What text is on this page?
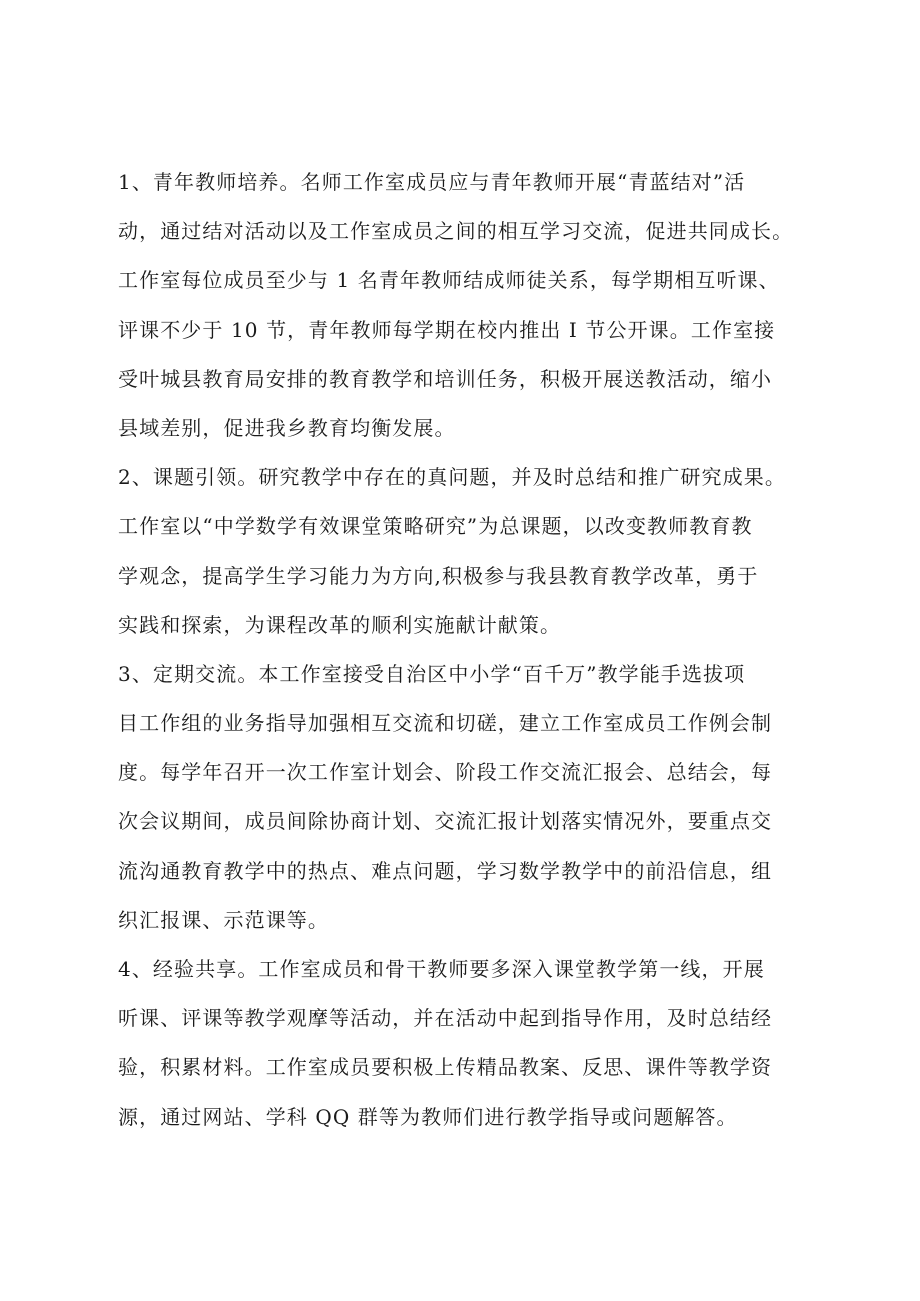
1、青年教师培养。名师工作室成员应与青年教师开展“青蓝结对”活
动，通过结对活动以及工作室成员之间的相互学习交流，促进共同成长。
工作室每位成员至少与 1 名青年教师结成师徒关系，每学期相互听课、
评课不少于 10 节，青年教师每学期在校内推出 I 节公开课。工作室接
受叶城县教育局安排的教育教学和培训任务，积极开展送教活动，缩小
县域差别，促进我乡教育均衡发展。
2、课题引领。研究教学中存在的真问题，并及时总结和推广研究成果。
工作室以“中学数学有效课堂策略研究”为总课题，以改变教师教育教
学观念，提高学生学习能力为方向,积极参与我县教育教学改革，勇于
实践和探索，为课程改革的顺利实施献计献策。
3、定期交流。本工作室接受自治区中小学“百千万”教学能手选拔项
目工作组的业务指导加强相互交流和切磋，建立工作室成员工作例会制
度。每学年召开一次工作室计划会、阶段工作交流汇报会、总结会，每
次会议期间，成员间除协商计划、交流汇报计划落实情况外，要重点交
流沟通教育教学中的热点、难点问题，学习数学教学中的前沿信息，组
织汇报课、示范课等。
4、经验共享。工作室成员和骨干教师要多深入课堂教学第一线，开展
听课、评课等教学观摩等活动，并在活动中起到指导作用，及时总结经
验，积累材料。工作室成员要积极上传精品教案、反思、课件等教学资
源，通过网站、学科 QQ 群等为教师们进行教学指导或问题解答。
